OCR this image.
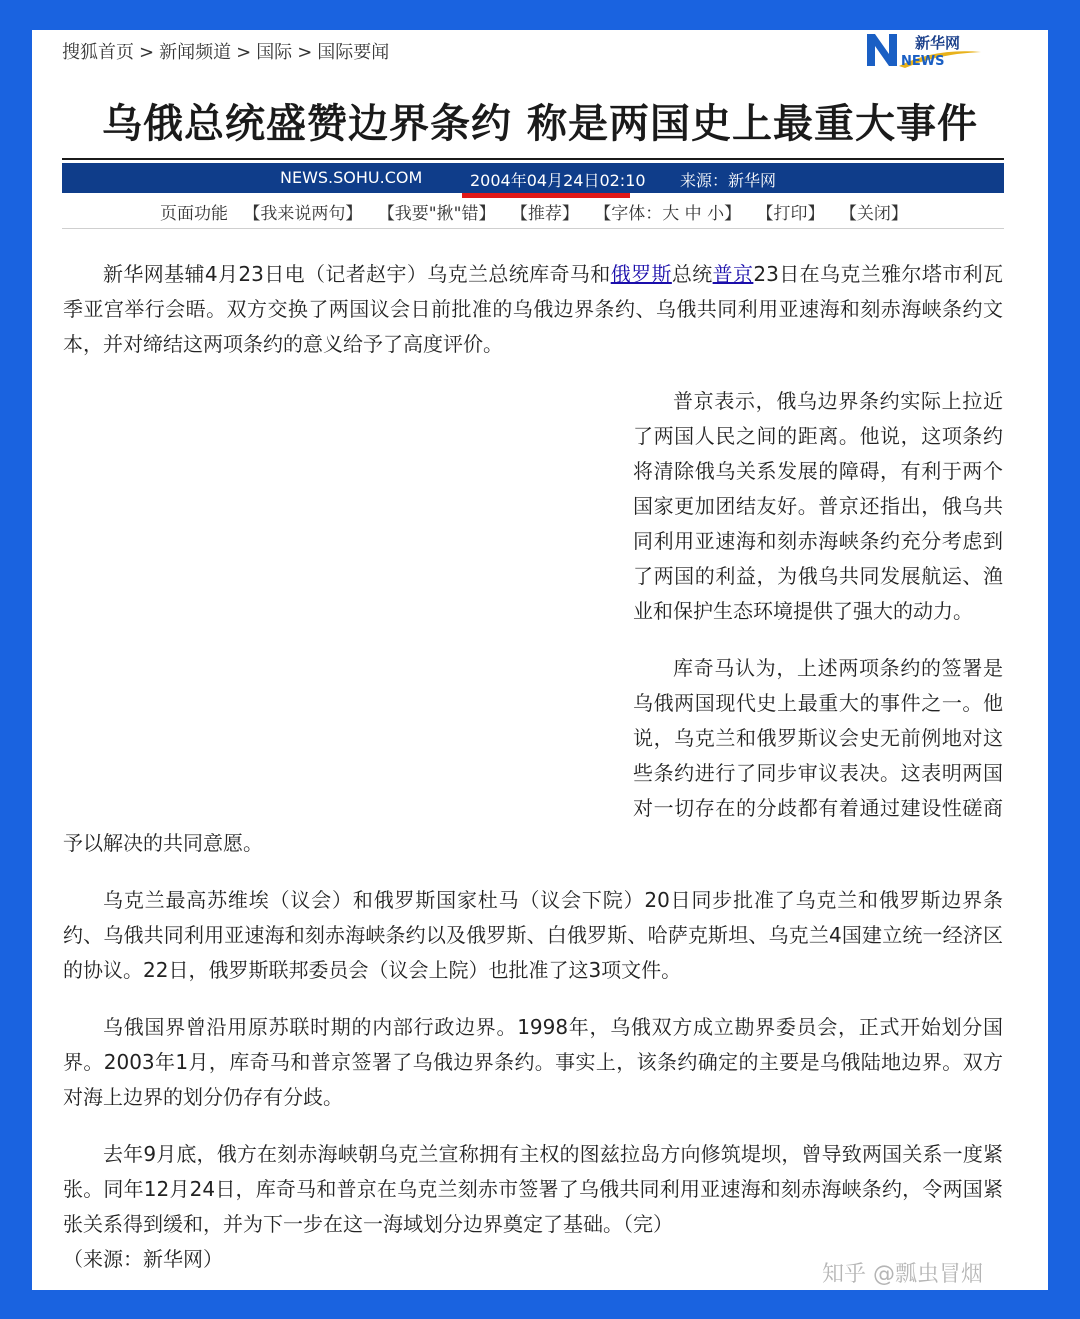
搜狐首页 > 新闻频道 > 国际 > 国际要闻	新华网
NEWS
乌俄总统盛赞边界条约 称是两国史上最重大事件
NEWS.SOHU.COM	2004年04月24日02:10 来源：新华网
页面功能 【我来说两句】 【我要"揪"错】 【推荐】 【字体：大 中 小】 【打印】 【关闭】

新华网基辅4月23日电（记者赵宇）乌克兰总统库奇马和俄罗斯总统普京23日在乌克兰雅尔塔市利瓦季亚宫举行会晤。双方交换了两国议会日前批准的乌俄边界条约、乌俄共同利用亚速海和刻赤海峡条约文本，并对缔结这两项条约的意义给予了高度评价。

普京表示，俄乌边界条约实际上拉近了两国人民之间的距离。他说，这项条约将清除俄乌关系发展的障碍，有利于两个国家更加团结友好。普京还指出，俄乌共同利用亚速海和刻赤海峡条约充分考虑到了两国的利益，为俄乌共同发展航运、渔业和保护生态环境提供了强大的动力。

库奇马认为，上述两项条约的签署是乌俄两国现代史上最重大的事件之一。他说，乌克兰和俄罗斯议会史无前例地对这些条约进行了同步审议表决。这表明两国对一切存在的分歧都有着通过建设性磋商予以解决的共同意愿。

乌克兰最高苏维埃（议会）和俄罗斯国家杜马（议会下院）20日同步批准了乌克兰和俄罗斯边界条约、乌俄共同利用亚速海和刻赤海峡条约以及俄罗斯、白俄罗斯、哈萨克斯坦、乌克兰4国建立统一经济区的协议。22日，俄罗斯联邦委员会（议会上院）也批准了这3项文件。

乌俄国界曾沿用原苏联时期的内部行政边界。1998年，乌俄双方成立勘界委员会，正式开始划分国界。2003年1月，库奇马和普京签署了乌俄边界条约。事实上，该条约确定的主要是乌俄陆地边界。双方对海上边界的划分仍存有分歧。

去年9月底，俄方在刻赤海峡朝乌克兰宣称拥有主权的图兹拉岛方向修筑堤坝，曾导致两国关系一度紧张。同年12月24日，库奇马和普京在乌克兰刻赤市签署了乌俄共同利用亚速海和刻赤海峡条约，令两国紧张关系得到缓和，并为下一步在这一海域划分边界奠定了基础。（完）

（来源：新华网）

知乎 @瓢虫冒烟
